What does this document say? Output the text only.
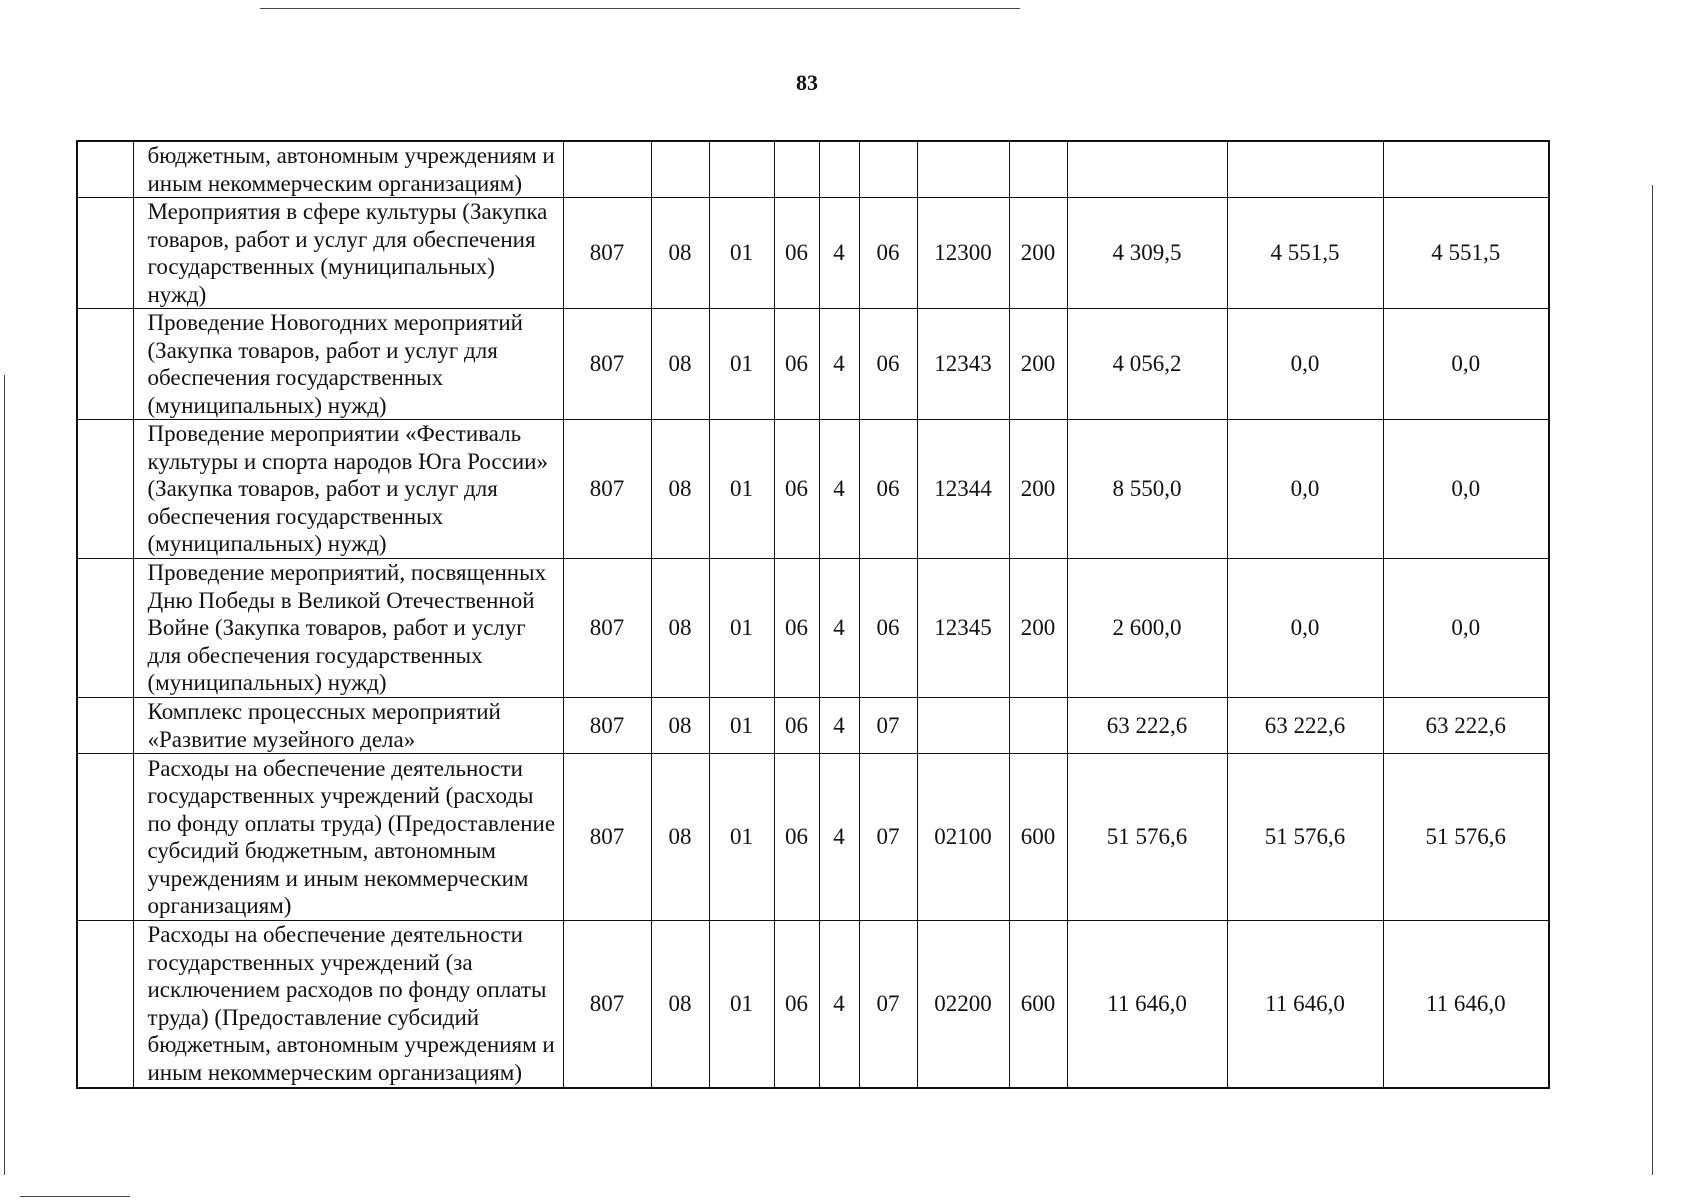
83
	бюджетным, автономным учреждениям и иным некоммерческим организациям)											
	Мероприятия в сфере культуры (Закупка товаров, работ и услуг для обеспечения государственных (муниципальных) нужд)	807	08	01	06	4	06	12300	200	4 309,5	4 551,5	4 551,5
	Проведение Новогодних мероприятий (Закупка товаров, работ и услуг для обеспечения государственных (муниципальных) нужд)	807	08	01	06	4	06	12343	200	4 056,2	0,0	0,0
	Проведение мероприятии «Фестиваль культуры и спорта народов Юга России» (Закупка товаров, работ и услуг для обеспечения государственных (муниципальных) нужд)	807	08	01	06	4	06	12344	200	8 550,0	0,0	0,0
	Проведение мероприятий, посвященных Дню Победы в Великой Отечественной Войне (Закупка товаров, работ и услуг для обеспечения государственных (муниципальных) нужд)	807	08	01	06	4	06	12345	200	2 600,0	0,0	0,0
	Комплекс процессных мероприятий «Развитие музейного дела»	807	08	01	06	4	07			63 222,6	63 222,6	63 222,6
	Расходы на обеспечение деятельности государственных учреждений (расходы по фонду оплаты труда) (Предоставление субсидий бюджетным, автономным учреждениям и иным некоммерческим организациям)	807	08	01	06	4	07	02100	600	51 576,6	51 576,6	51 576,6
	Расходы на обеспечение деятельности государственных учреждений (за исключением расходов по фонду оплаты труда) (Предоставление субсидий бюджетным, автономным учреждениям и иным некоммерческим организациям)	807	08	01	06	4	07	02200	600	11 646,0	11 646,0	11 646,0
